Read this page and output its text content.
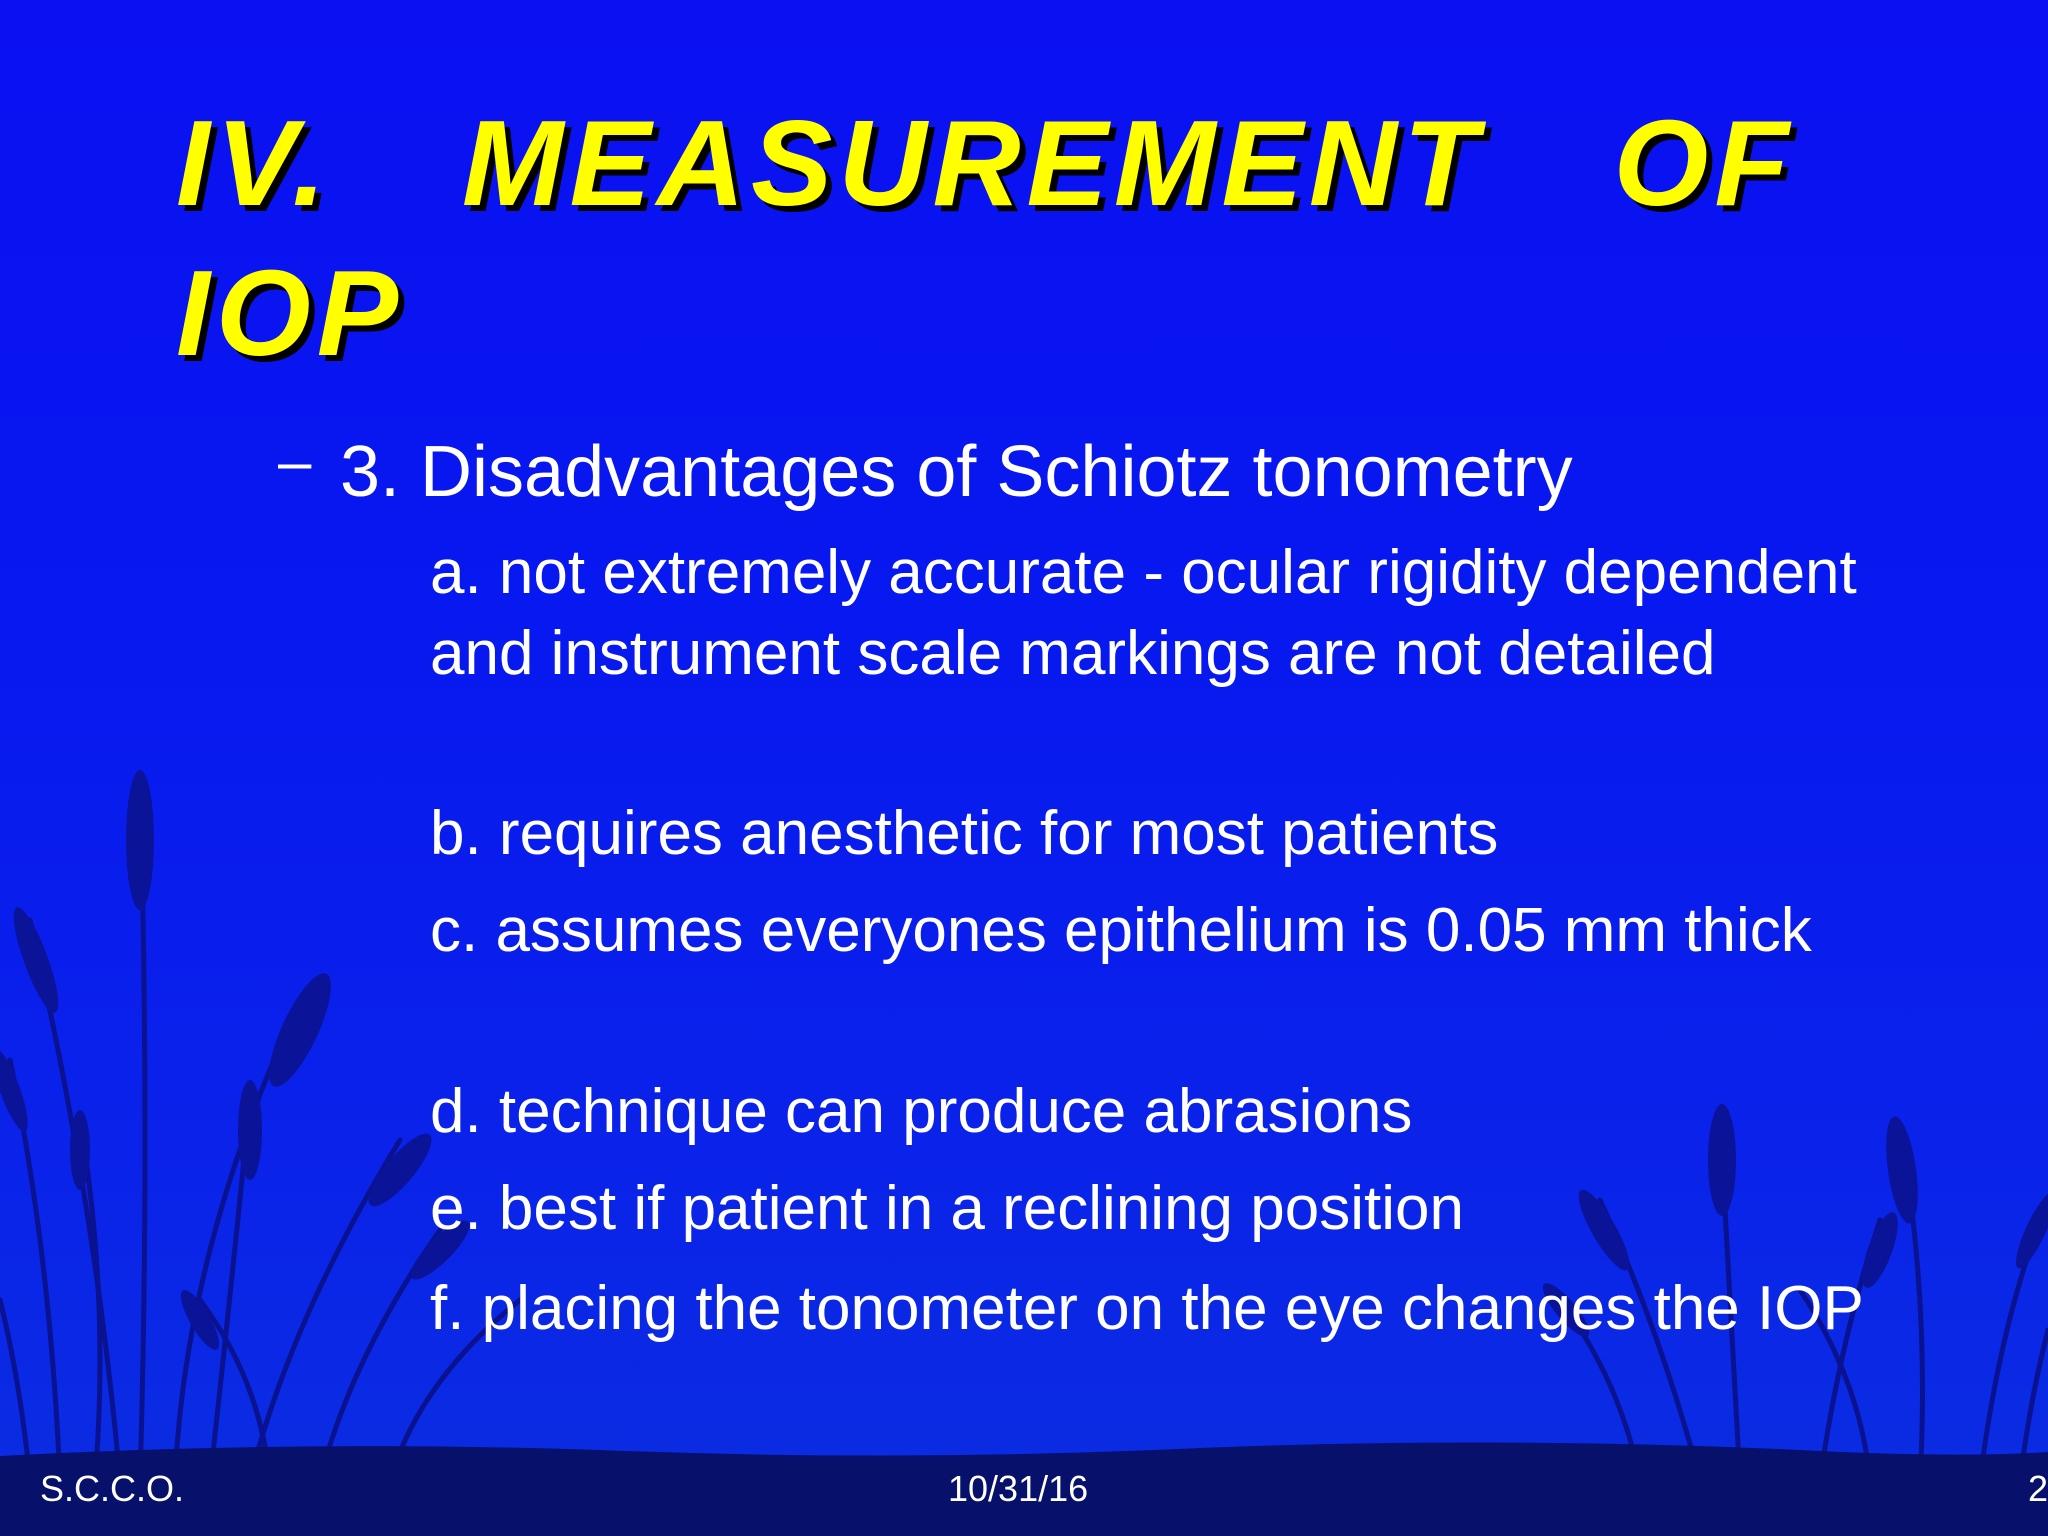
IV. MEASUREMENT OF IOP
– 3. Disadvantages of Schiotz tonometry
a. not extremely accurate - ocular rigidity dependent and instrument scale markings are not detailed
b. requires anesthetic for most patients
c. assumes everyones epithelium is 0.05 mm thick
d. technique can produce abrasions
e. best if patient in a reclining position
f. placing the tonometer on the eye changes the IOP
S.C.C.O.	10/31/16	2
